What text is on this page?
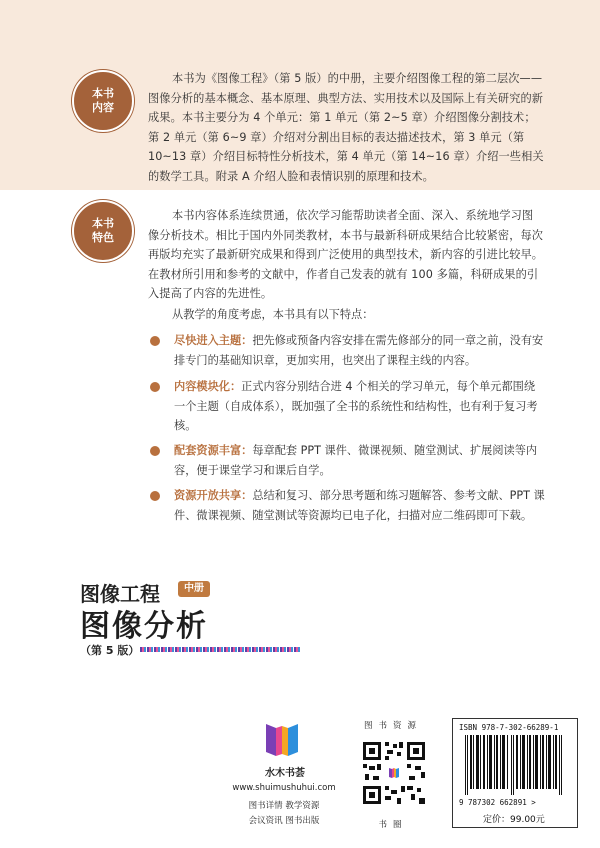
本书
内容
本书为《图像工程》（第 5 版）的中册，主要介绍图像工程的第二层次——图像分析的基本概念、基本原理、典型方法、实用技术以及国际上有关研究的新成果。本书主要分为 4 个单元：第 1 单元（第 2~5 章）介绍图像分割技术；第 2 单元（第 6~9 章）介绍对分割出目标的表达描述技术，第 3 单元（第 10~13 章）介绍目标特性分析技术，第 4 单元（第 14~16 章）介绍一些相关的数学工具。附录 A 介绍人脸和表情识别的原理和技术。
本书
特色
本书内容体系连续贯通，依次学习能帮助读者全面、深入、系统地学习图像分析技术。相比于国内外同类教材，本书与最新科研成果结合比较紧密，每次再版均充实了最新研究成果和得到广泛使用的典型技术，新内容的引进比较早。在教材所引用和参考的文献中，作者自己发表的就有 100 多篇，科研成果的引入提高了内容的先进性。
从教学的角度考虑，本书具有以下特点：
尽快进入主题：把先修或预备内容安排在需先修部分的同一章之前，没有安排专门的基础知识章，更加实用，也突出了课程主线的内容。
内容模块化：正式内容分别结合进 4 个相关的学习单元，每个单元都围绕一个主题（自成体系），既加强了全书的系统性和结构性，也有利于复习考核。
配套资源丰富：每章配套 PPT 课件、微课视频、随堂测试、扩展阅读等内容，便于课堂学习和课后自学。
资源开放共享：总结和复习、部分思考题和练习题解答、参考文献、PPT 课件、微课视频、随堂测试等资源均已电子化，扫描对应二维码即可下载。
图像工程	中册
图像分析
（第 5 版）
水木书荟
www.shuimushuhui.com
图书详情 教学资源
会议资讯 图书出版
图书资源
书圈
ISBN 978-7-302-66289-1
9 787302 662891 >
定价：99.00元
